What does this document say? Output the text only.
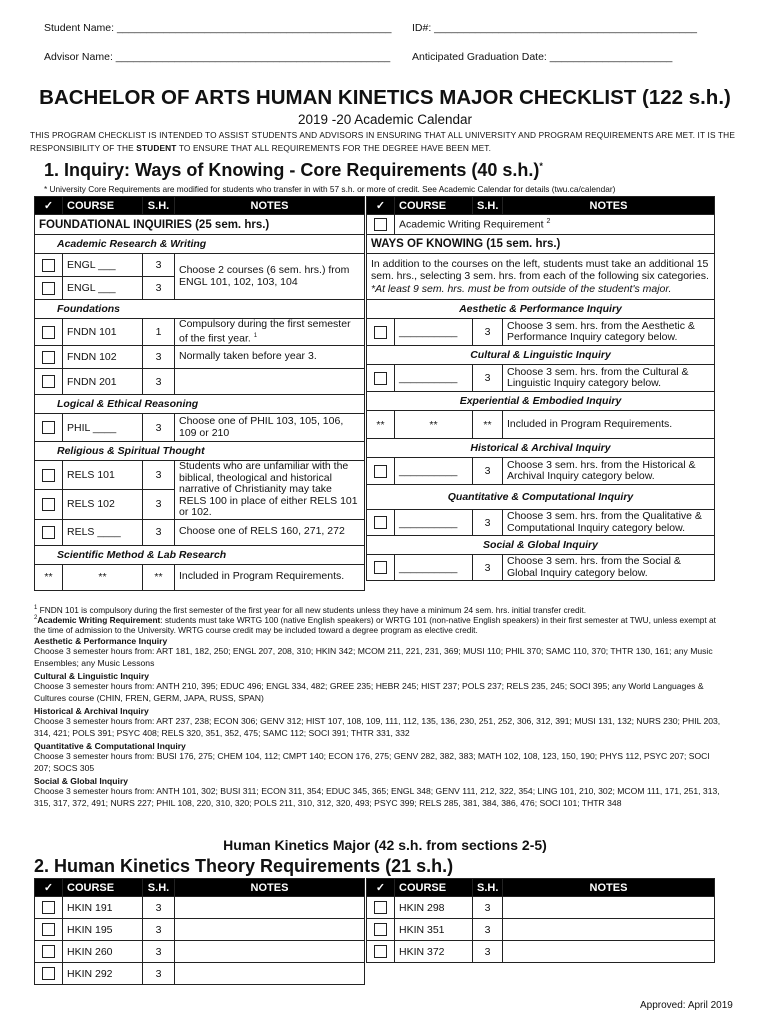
Student Name: _______________________________________________ ID#: _____________________________________________
Advisor Name: _______________________________________________ Anticipated Graduation Date: _____________________
BACHELOR OF ARTS HUMAN KINETICS MAJOR CHECKLIST (122 s.h.)
2019 -20 Academic Calendar
THIS PROGRAM CHECKLIST IS INTENDED TO ASSIST STUDENTS AND ADVISORS IN ENSURING THAT ALL UNIVERSITY AND PROGRAM REQUIREMENTS ARE MET. IT IS THE RESPONSIBILITY OF THE STUDENT TO ENSURE THAT ALL REQUIREMENTS FOR THE DEGREE HAVE BEEN MET.
1. Inquiry: Ways of Knowing - Core Requirements (40 s.h.)*
* University Core Requirements are modified for students who transfer in with 57 s.h. or more of credit. See Academic Calendar for details (twu.ca/calendar)
✓	COURSE	S.H.	NOTES
FOUNDATIONAL INQUIRIES (25 sem. hrs.)			
Academic Research & Writing			
	ENGL ___	3	Choose 2 courses (6 sem. hrs.) from ENGL 101, 102, 103, 104
	ENGL ___	3	
Foundations			
	FNDN 101	1	Compulsory during the first semester of the first year. $^1$
	FNDN 102	3	Normally taken before year 3.
	FNDN 201	3	
Logical & Ethical Reasoning			
	PHIL ____	3	Choose one of PHIL 103, 105, 106, 109 or 210
Religious & Spiritual Thought			
	RELS 101	3	Students who are unfamiliar with the biblical, theological and historical narrative of Christianity may take RELS 100 in place of either RELS 101 or 102.
	RELS 102	3	
	RELS ____	3	Choose one of RELS 160, 271, 272
Scientific Method & Lab Research			
**	**	**	Included in Program Requirements.
✓	COURSE	S.H.	NOTES
	Academic Writing Requirement $^2$
WAYS OF KNOWING (15 sem. hrs.)			
In addition to the courses on the left, students must take an additional 15 sem. hrs., selecting 3 sem. hrs. from each of the following six categories. *At least 9 sem. hrs. must be from outside of the student's major.			
Aesthetic & Performance Inquiry			
	__________	3	Choose 3 sem. hrs. from the Aesthetic & Performance Inquiry category below.
Cultural & Linguistic Inquiry			
	__________	3	Choose 3 sem. hrs. from the Cultural & Linguistic Inquiry category below.
Experiential & Embodied Inquiry			
**	**	**	Included in Program Requirements.
Historical & Archival Inquiry			
	__________	3	Choose 3 sem. hrs. from the Historical & Archival Inquiry category below.
Quantitative & Computational Inquiry			
	__________	3	Choose 3 sem. hrs. from the Qualitative & Computational Inquiry category below.
Social & Global Inquiry			
	__________	3	Choose 3 sem. hrs. from the Social & Global Inquiry category below.
$^1$ FNDN 101 is compulsory during the first semester of the first year for all new students unless they have a minimum 24 sem. hrs. initial transfer credit.
$^2$Academic Writing Requirement: students must take WRTG 100 (native English speakers) or WRTG 101 (non-native English speakers) in their first semester at TWU, unless exempt at the time of admission to the University. WRTG course credit may be included toward a degree program as elective credit.
Aesthetic & Performance Inquiry
Choose 3 semester hours from: ART 181, 182, 250; ENGL 207, 208, 310; HKIN 342; MCOM 211, 221, 231, 369; MUSI 110; PHIL 370; SAMC 110, 370; THTR 130, 161; any Music Ensembles; any Music Lessons
Cultural & Linguistic Inquiry
Choose 3 semester hours from: ANTH 210, 395; EDUC 496; ENGL 334, 482; GREE 235; HEBR 245; HIST 237; POLS 237; RELS 235, 245; SOCI 395; any World Languages & Cultures course (CHIN, FREN, GERM, JAPA, RUSS, SPAN)
Historical & Archival Inquiry
Choose 3 semester hours from: ART 237, 238; ECON 306; GENV 312; HIST 107, 108, 109, 111, 112, 135, 136, 230, 251, 252, 306, 312, 391; MUSI 131, 132; NURS 230; PHIL 203, 314, 421; POLS 391; PSYC 408; RELS 320, 351, 352, 475; SAMC 112; SOCI 391; THTR 331, 332
Quantitative & Computational Inquiry
Choose 3 semester hours from: BUSI 176, 275; CHEM 104, 112; CMPT 140; ECON 176, 275; GENV 282, 382, 383; MATH 102, 108, 123, 150, 190; PHYS 112, PSYC 207; SOCI 207; SOCS 305
Social & Global Inquiry
Choose 3 semester hours from: ANTH 101, 302; BUSI 311; ECON 311, 354; EDUC 345, 365; ENGL 348; GENV 111, 212, 322, 354; LING 101, 210, 302; MCOM 111, 171, 251, 313, 315, 317, 372, 491; NURS 227; PHIL 108, 220, 310, 320; POLS 211, 310, 312, 320, 493; PSYC 399; RELS 285, 381, 384, 386, 476; SOCI 101; THTR 348
Human Kinetics Major (42 s.h. from sections 2-5)
2. Human Kinetics Theory Requirements (21 s.h.)
✓	COURSE	S.H.	NOTES
	HKIN 191	3	
	HKIN 195	3	
	HKIN 260	3	
	HKIN 292	3	
✓	COURSE	S.H.	NOTES
	HKIN 298	3	
	HKIN 351	3	
	HKIN 372	3	
Approved: April 2019
